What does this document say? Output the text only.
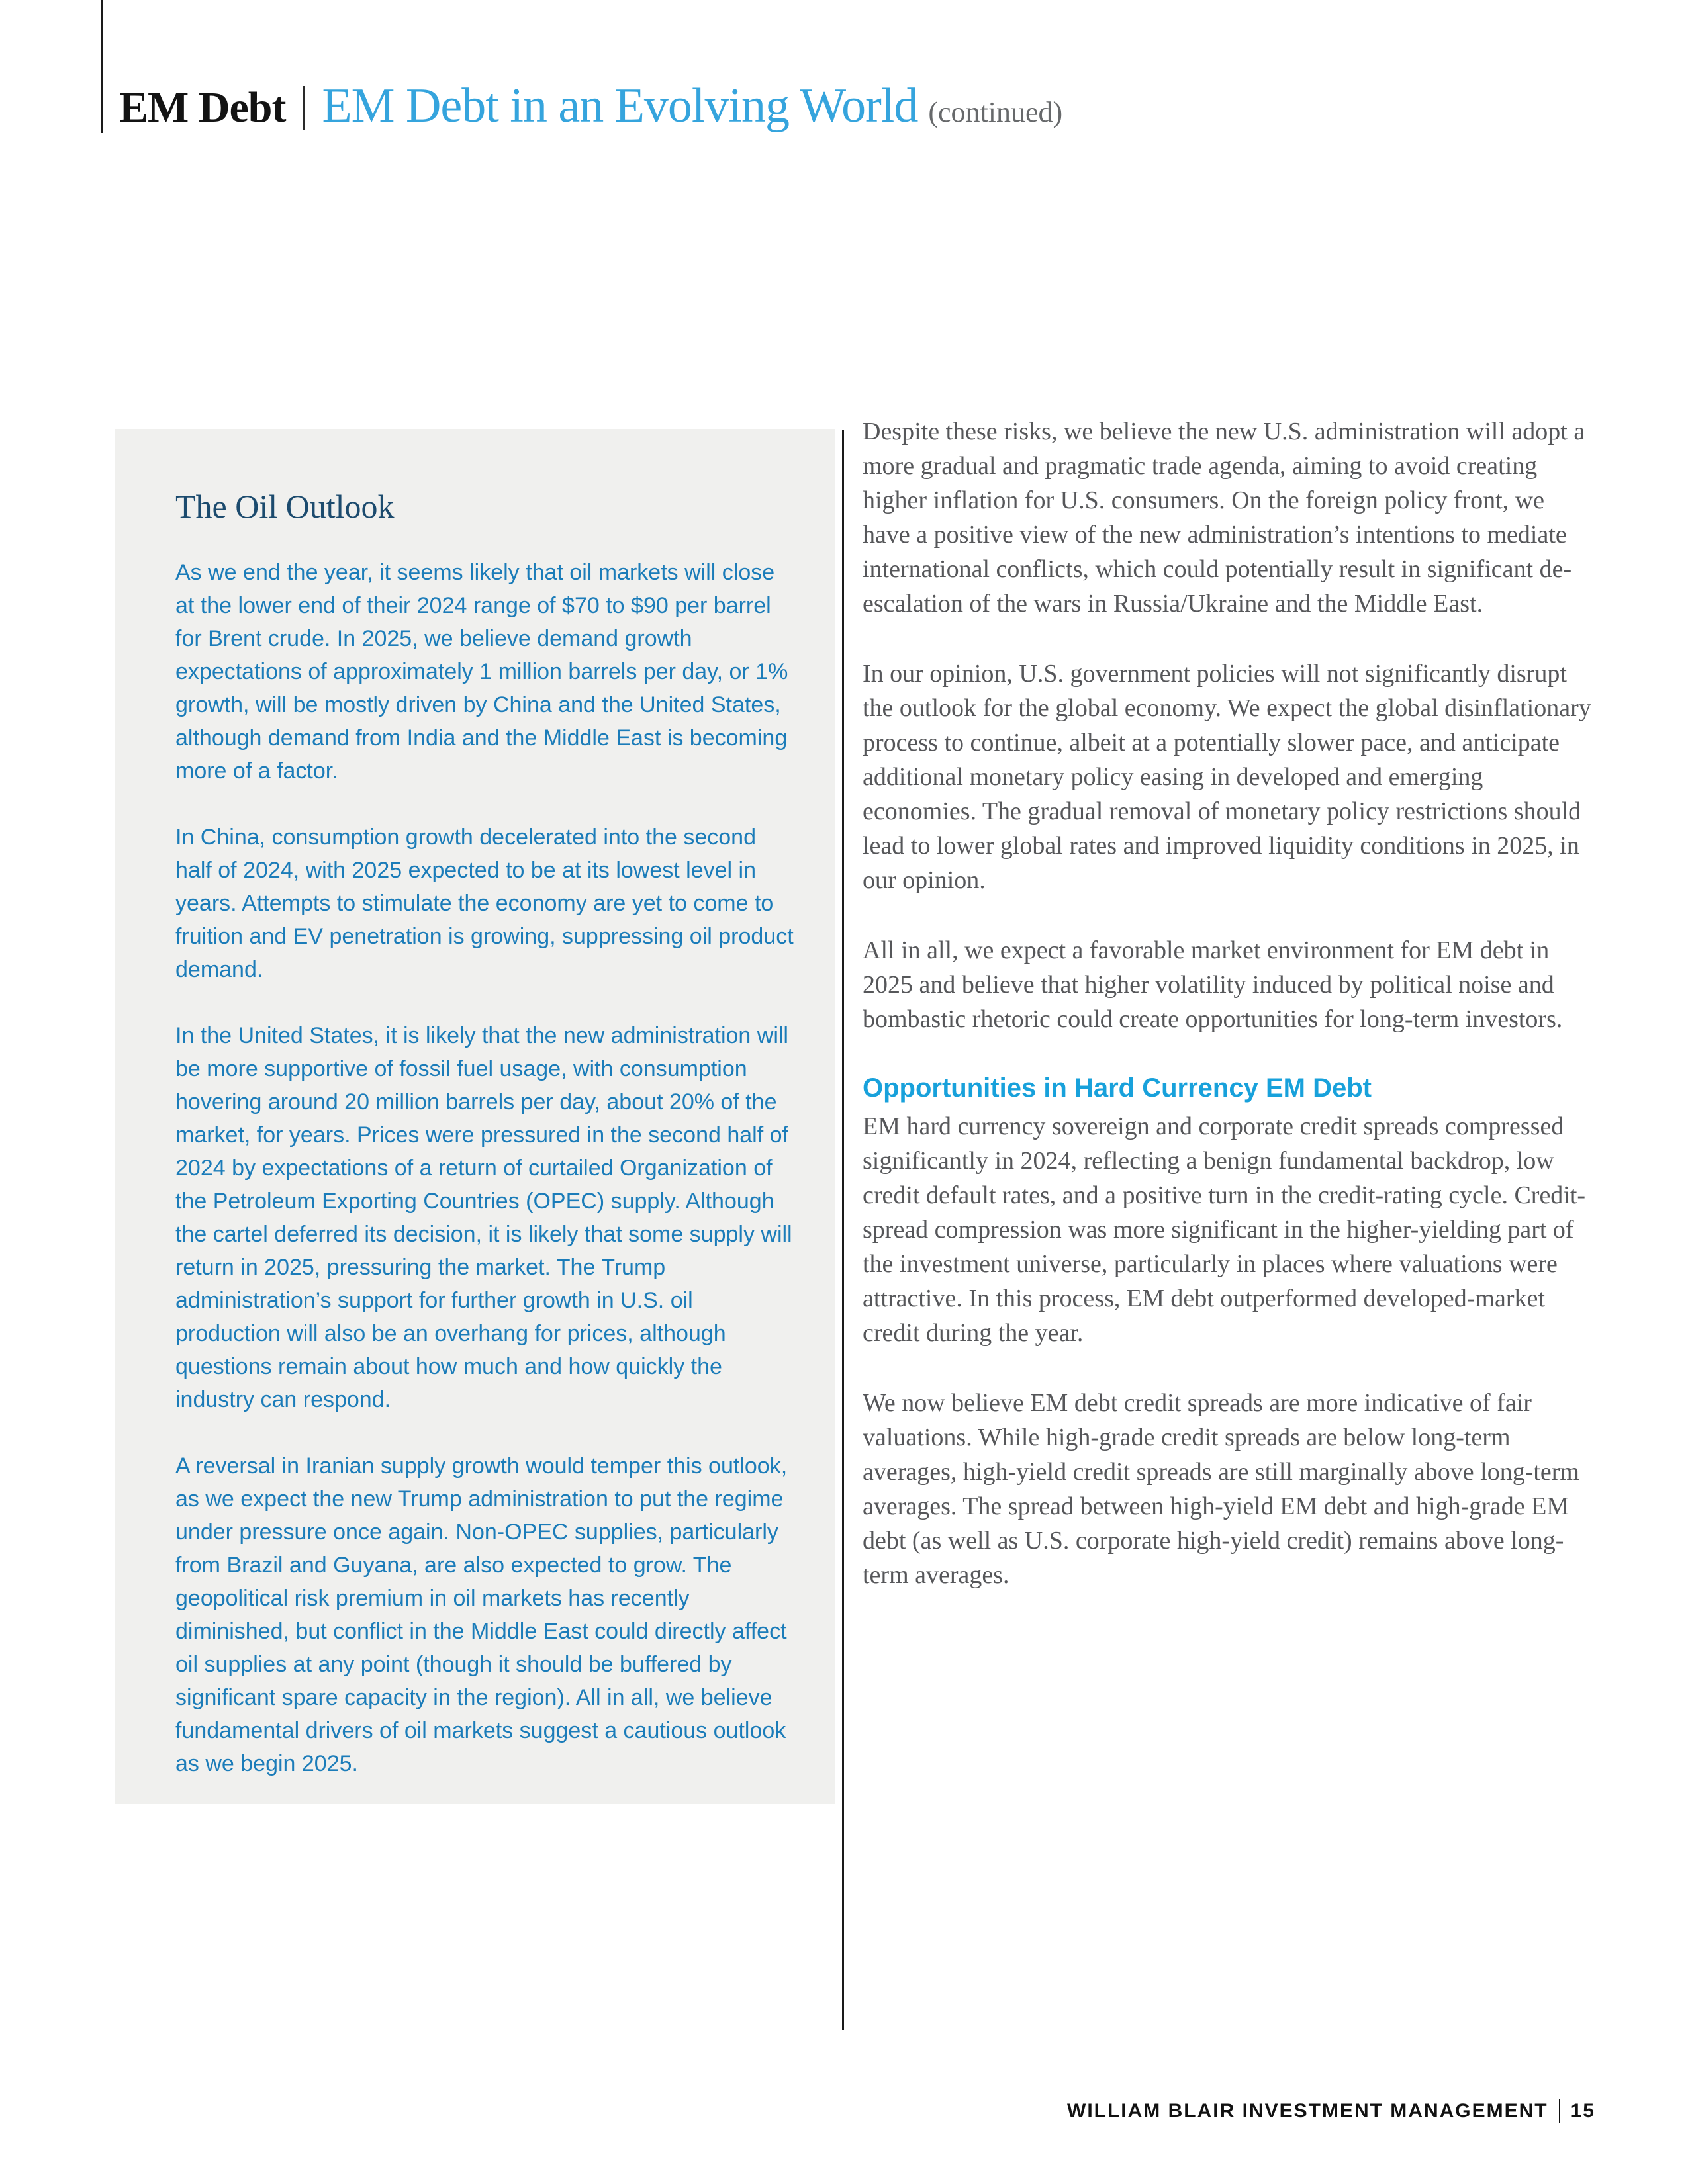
EM Debt EM Debt in an Evolving World (continued)
The Oil Outlook

As we end the year, it seems likely that oil markets will close at the lower end of their 2024 range of $70 to $90 per barrel for Brent crude. In 2025, we believe demand growth expectations of approximately 1 million barrels per day, or 1% growth, will be mostly driven by China and the United States, although demand from India and the Middle East is becoming more of a factor.

In China, consumption growth decelerated into the second half of 2024, with 2025 expected to be at its lowest level in years. Attempts to stimulate the economy are yet to come to fruition and EV penetration is growing, suppressing oil product demand.

In the United States, it is likely that the new administration will be more supportive of fossil fuel usage, with consumption hovering around 20 million barrels per day, about 20% of the market, for years. Prices were pressured in the second half of 2024 by expectations of a return of curtailed Organization of the Petroleum Exporting Countries (OPEC) supply. Although the cartel deferred its decision, it is likely that some supply will return in 2025, pressuring the market. The Trump administration’s support for further growth in U.S. oil production will also be an overhang for prices, although questions remain about how much and how quickly the industry can respond.

A reversal in Iranian supply growth would temper this outlook, as we expect the new Trump administration to put the regime under pressure once again. Non-OPEC supplies, particularly from Brazil and Guyana, are also expected to grow. The geopolitical risk premium in oil markets has recently diminished, but conflict in the Middle East could directly affect oil supplies at any point (though it should be buffered by significant spare capacity in the region). All in all, we believe fundamental drivers of oil markets suggest a cautious outlook as we begin 2025.

Despite these risks, we believe the new U.S. administration will adopt a more gradual and pragmatic trade agenda, aiming to avoid creating higher inflation for U.S. consumers. On the foreign policy front, we have a positive view of the new administration’s intentions to mediate international conflicts, which could potentially result in significant de-escalation of the wars in Russia/Ukraine and the Middle East.

In our opinion, U.S. government policies will not significantly disrupt the outlook for the global economy. We expect the global disinflationary process to continue, albeit at a potentially slower pace, and anticipate additional monetary policy easing in developed and emerging economies. The gradual removal of monetary policy restrictions should lead to lower global rates and improved liquidity conditions in 2025, in our opinion.

All in all, we expect a favorable market environment for EM debt in 2025 and believe that higher volatility induced by political noise and bombastic rhetoric could create opportunities for long-term investors.

Opportunities in Hard Currency EM Debt

EM hard currency sovereign and corporate credit spreads compressed significantly in 2024, reflecting a benign fundamental backdrop, low credit default rates, and a positive turn in the credit-rating cycle. Credit-spread compression was more significant in the higher-yielding part of the investment universe, particularly in places where valuations were attractive. In this process, EM debt outperformed developed-market credit during the year.

We now believe EM debt credit spreads are more indicative of fair valuations. While high-grade credit spreads are below long-term averages, high-yield credit spreads are still marginally above long-term averages. The spread between high-yield EM debt and high-grade EM debt (as well as U.S. corporate high-yield credit) remains above long-term averages.

WILLIAM BLAIR INVESTMENT MANAGEMENT 15
